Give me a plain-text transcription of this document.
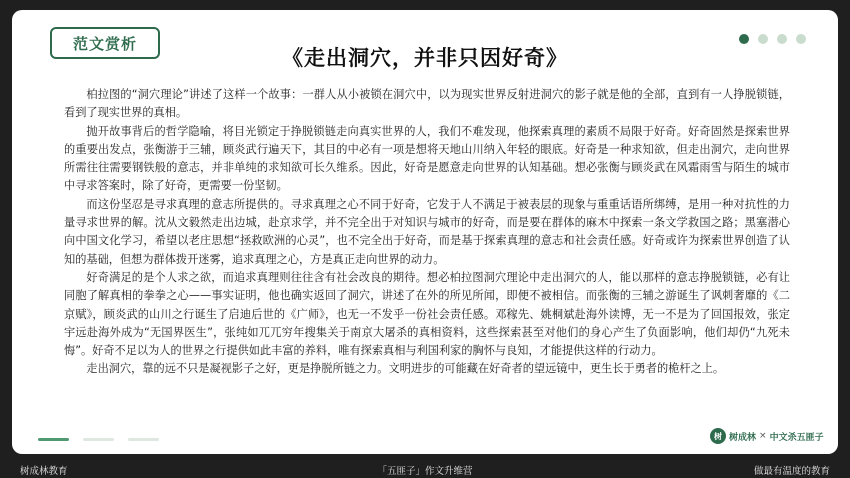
范文赏析
《走出洞穴，并非只因好奇》

柏拉图的“洞穴理论”讲述了这样一个故事：一群人从小被锁在洞穴中，以为现实世界反射进洞穴的影子就是他的全部，直到有一人挣脱锁链，看到了现实世界的真相。

抛开故事背后的哲学隐喻，将目光锁定于挣脱锁链走向真实世界的人，我们不难发现，他探索真理的素质不局限于好奇。好奇固然是探索世界的重要出发点，张衡游于三辅，顾炎武行遍天下，其目的中必有一项是想将天地山川纳入年轻的眼底。好奇是一种求知欲，但走出洞穴，走向世界所需往往需要钢铁般的意志，并非单纯的求知欲可长久维系。因此，好奇是愿意走向世界的认知基础。想必张衡与顾炎武在风霜雨雪与陌生的城市中寻求答案时，除了好奇，更需要一份坚韧。

而这份坚忍是寻求真理的意志所提供的。寻求真理之心不同于好奇，它发于人不满足于被表层的现象与重重话语所绑缚，是用一种对抗性的力量寻求世界的解。沈从文毅然走出边城，赴京求学，并不完全出于对知识与城市的好奇，而是要在群体的麻木中探索一条文学救国之路；黑塞潜心向中国文化学习，希望以老庄思想“拯救欧洲的心灵”，也不完全出于好奇，而是基于探索真理的意志和社会责任感。好奇或许为探索世界创造了认知的基础，但想为群体拨开迷雾，追求真理之心，方是真正走向世界的动力。

好奇满足的是个人求之欲，而追求真理则往往含有社会改良的期待。想必柏拉图洞穴理论中走出洞穴的人，能以那样的意志挣脱锁链，必有让同胞了解真相的拳拳之心——事实证明，他也确实返回了洞穴，讲述了在外的所见所闻，即便不被相信。而张衡的三辅之游诞生了讽刺奢靡的《二京赋》，顾炎武的山川之行诞生了启迪后世的《广师》，也无一不发乎一份社会责任感。邓稼先、姚桐斌赴海外读博，无一不是为了回国报效，张定宇远赴海外成为“无国界医生”，张纯如兀兀穷年搜集关于南京大屠杀的真相资料，这些探索甚至对他们的身心产生了负面影响，他们却仍“九死未悔”。好奇不足以为人的世界之行提供如此丰富的养料，唯有探索真相与利国利家的胸怀与良知，才能提供这样的行动力。

走出洞穴，靠的远不只是凝视影子之好，更是挣脱所链之力。文明进步的可能藏在好奇者的望远镜中，更生长于勇者的桅杆之上。

树 树成林 × 中文杀五匪子
树成林教育	「五匪子」作文升维营	做最有温度的教育
